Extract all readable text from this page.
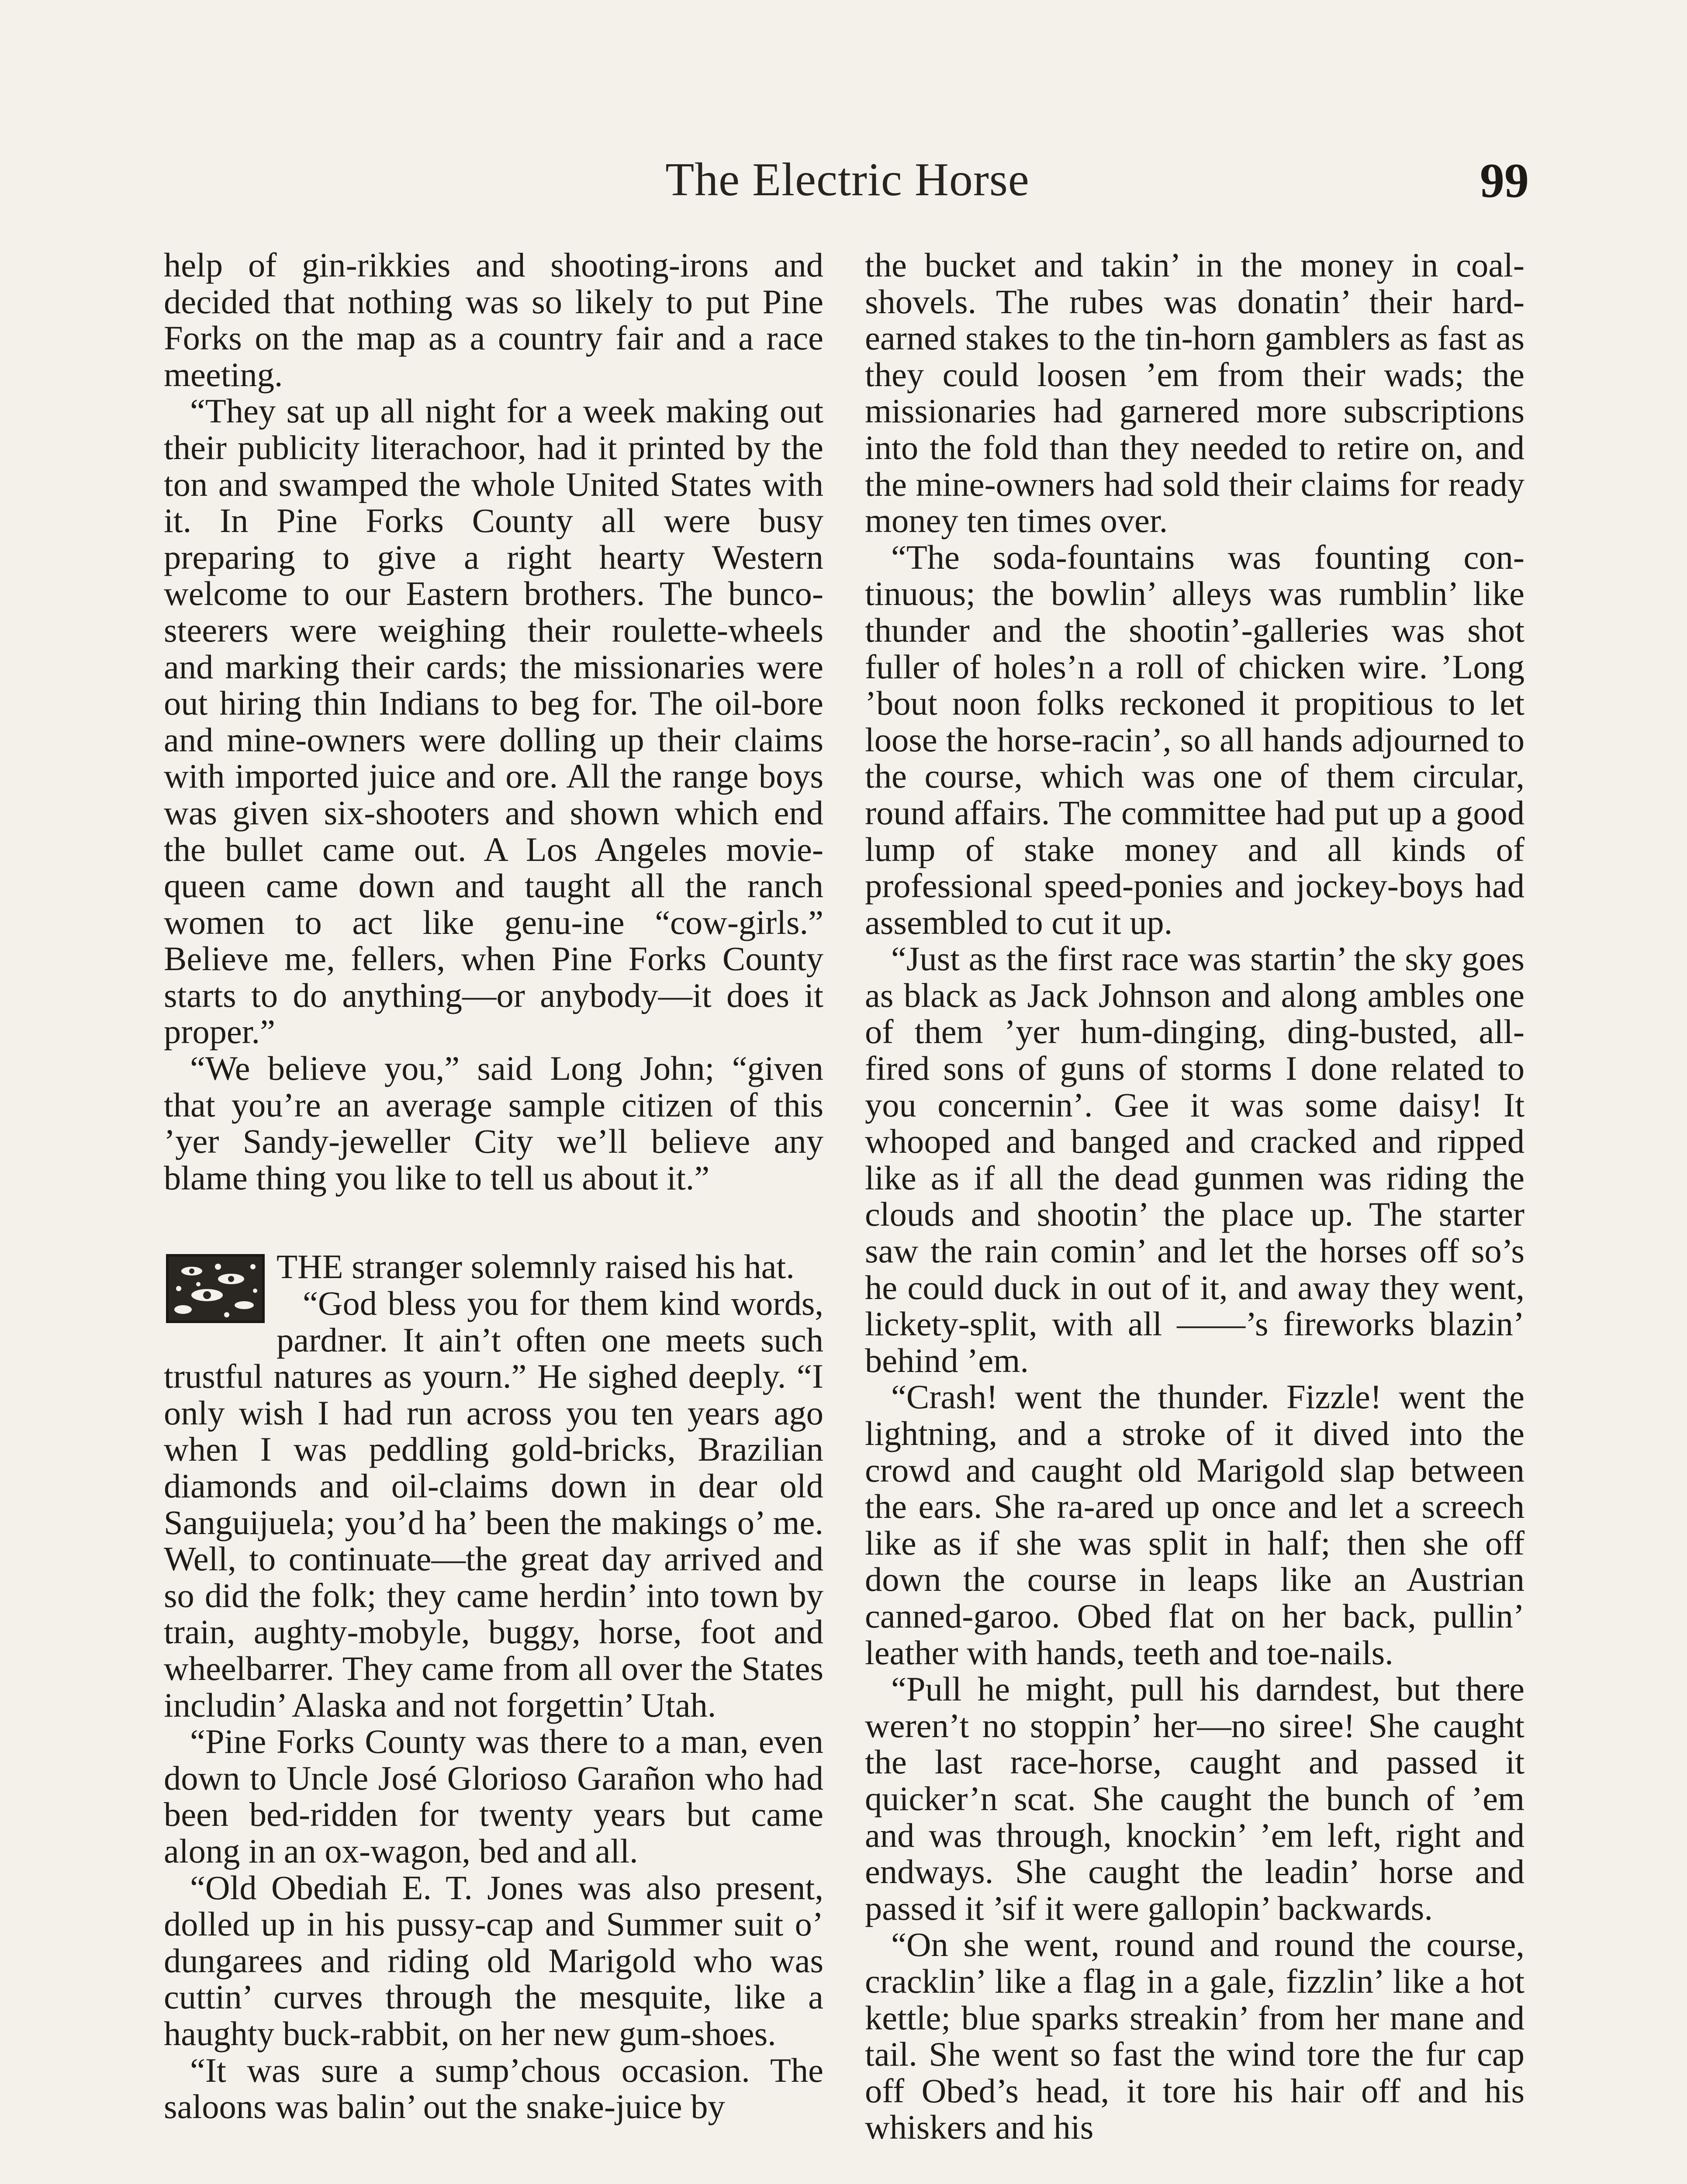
The Electric Horse	99

help of gin-rikkies and shooting-irons and decided that nothing was so likely to put Pine Forks on the map as a country fair and a race meeting.

“They sat up all night for a week making out their publicity literachoor, had it printed by the ton and swamped the whole United States with it. In Pine Forks County all were busy preparing to give a right hearty Western welcome to our Eastern brothers. The bunco-steerers were weighing their roulette-wheels and marking their cards; the missionaries were out hiring thin Indians to beg for. The oil-bore and mine-owners were dolling up their claims with imported juice and ore. All the range boys was given six-shooters and shown which end the bullet came out. A Los Angeles movie-queen came down and taught all the ranch women to act like genu-ine “cow-girls.” Believe me, fellers, when Pine Forks County starts to do anything—or anybody—it does it proper.”

“We believe you,” said Long John; “given that you’re an average sample citizen of this ’yer Sandy-jeweller City we’ll believe any blame thing you like to tell us about it.”

THE stranger solemnly raised his hat.

“God bless you for them kind words, pardner. It ain’t often one meets such trustful natures as yourn.” He sighed deeply. “I only wish I had run across you ten years ago when I was peddling gold-bricks, Brazilian diamonds and oil-claims down in dear old Sanguijuela; you’d ha’ been the makings o’ me. Well, to continuate—the great day arrived and so did the folk; they came herdin’ into town by train, aughty-mobyle, buggy, horse, foot and wheelbarrer. They came from all over the States includin’ Alaska and not forgettin’ Utah.

“Pine Forks County was there to a man, even down to Uncle José Glorioso Garañon who had been bed-ridden for twenty years but came along in an ox-wagon, bed and all.

“Old Obediah E. T. Jones was also present, dolled up in his pussy-cap and Summer suit o’ dungarees and riding old Marigold who was cuttin’ curves through the mesquite, like a haughty buck-rabbit, on her new gum-shoes.

“It was sure a sump’chous occasion. The saloons was balin’ out the snake-juice by

the bucket and takin’ in the money in coal-shovels. The rubes was donatin’ their hard-earned stakes to the tin-horn gamblers as fast as they could loosen ’em from their wads; the missionaries had garnered more subscriptions into the fold than they needed to retire on, and the mine-owners had sold their claims for ready money ten times over.

“The soda-fountains was founting continuous; the bowlin’ alleys was rumblin’ like thunder and the shootin’-galleries was shot fuller of holes’n a roll of chicken wire. ’Long ’bout noon folks reckoned it propitious to let loose the horse-racin’, so all hands adjourned to the course, which was one of them circular, round affairs. The committee had put up a good lump of stake money and all kinds of professional speed-ponies and jockey-boys had assembled to cut it up.

“Just as the first race was startin’ the sky goes as black as Jack Johnson and along ambles one of them ’yer hum-dinging, ding-busted, all-fired sons of guns of storms I done related to you concernin’. Gee it was some daisy! It whooped and banged and cracked and ripped like as if all the dead gunmen was riding the clouds and shootin’ the place up. The starter saw the rain comin’ and let the horses off so’s he could duck in out of it, and away they went, lickety-split, with all ——’s fireworks blazin’ behind ’em.

“Crash! went the thunder. Fizzle! went the lightning, and a stroke of it dived into the crowd and caught old Marigold slap between the ears. She ra-ared up once and let a screech like as if she was split in half; then she off down the course in leaps like an Austrian canned-garoo. Obed flat on her back, pullin’ leather with hands, teeth and toe-nails.

“Pull he might, pull his darndest, but there weren’t no stoppin’ her—no siree! She caught the last race-horse, caught and passed it quicker’n scat. She caught the bunch of ’em and was through, knockin’ ’em left, right and endways. She caught the leadin’ horse and passed it ’sif it were gallopin’ backwards.

“On she went, round and round the course, cracklin’ like a flag in a gale, fizzlin’ like a hot kettle; blue sparks streakin’ from her mane and tail. She went so fast the wind tore the fur cap off Obed’s head, it tore his hair off and his whiskers and his
